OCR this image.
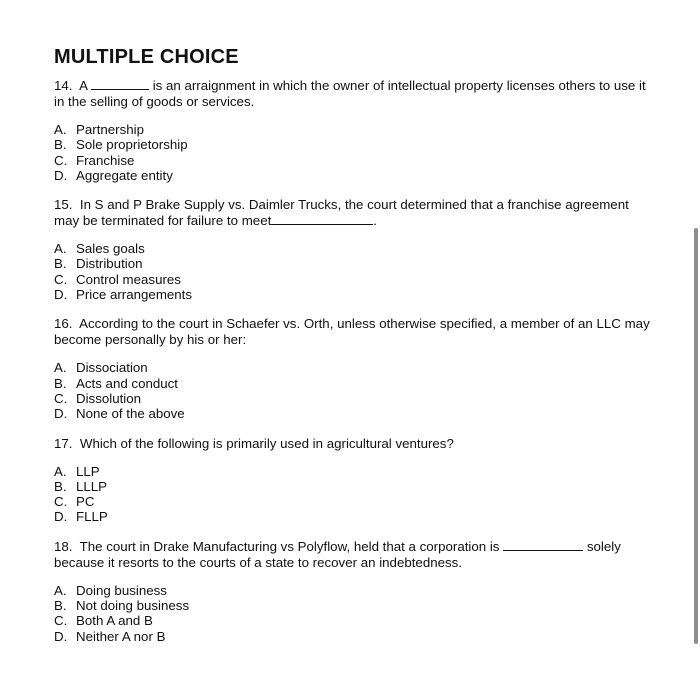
MULTIPLE CHOICE
14. A	is an arraignment in which the owner of intellectual property licenses others to use it in the selling of goods or services.
A. Partnership
B. Sole proprietorship
C. Franchise
D. Aggregate entity
15. In S and P Brake Supply vs. Daimler Trucks, the court determined that a franchise agreement may be terminated for failure to meet	.
A. Sales goals
B. Distribution
C. Control measures
D. Price arrangements
16. According to the court in Schaefer vs. Orth, unless otherwise specified, a member of an LLC may become personally by his or her:
A. Dissociation
B. Acts and conduct
C. Dissolution
D. None of the above
17. Which of the following is primarily used in agricultural ventures?
A. LLP
B. LLLP
C. PC
D. FLLP
18. The court in Drake Manufacturing vs Polyflow, held that a corporation is	solely because it resorts to the courts of a state to recover an indebtedness.
A. Doing business
B. Not doing business
C. Both A and B
D. Neither A nor B
